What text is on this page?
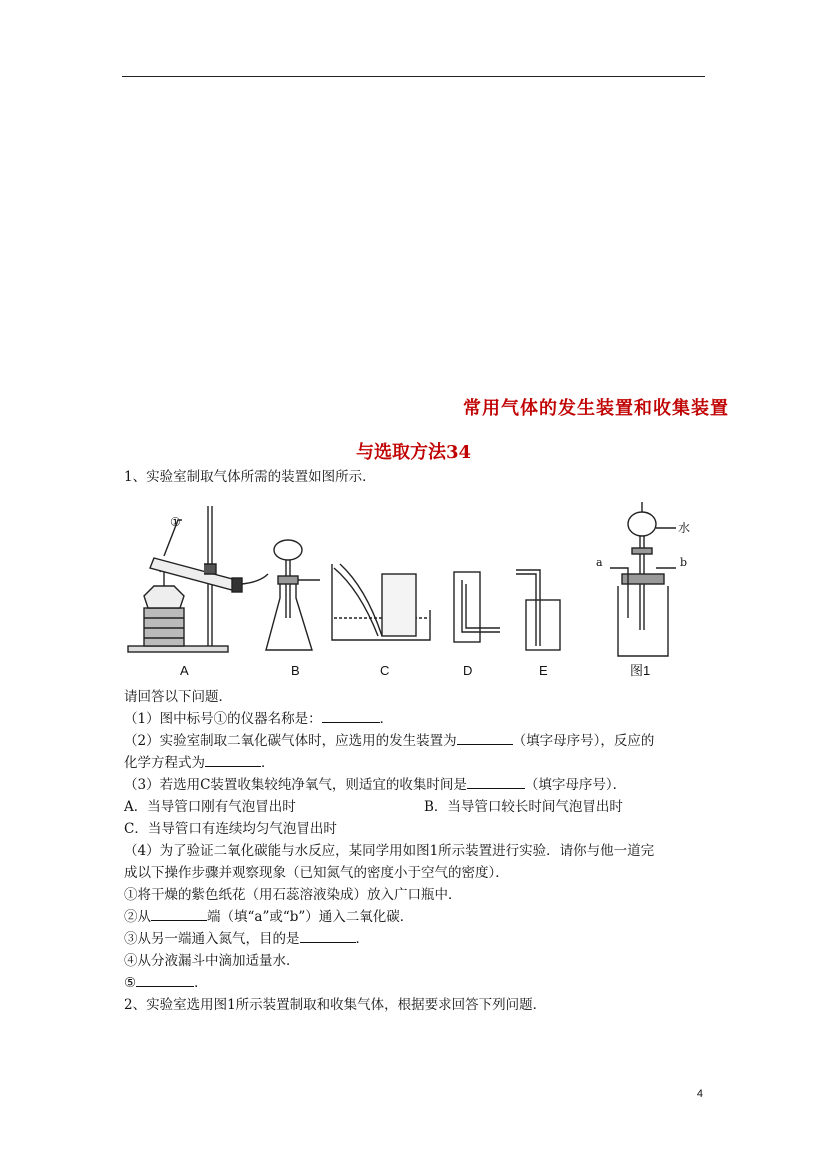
常用气体的发生装置和收集装置
与选取方法34
1、实验室制取气体所需的装置如图所示．
①	水
a	b
A	B	C	D	E	图1
请回答以下问题．
（1）图中标号①的仪器名称是：	．
（2）实验室制取二氧化碳气体时，应选用的发生装置为	（填字母序号），反应的
化学方程式为	．
（3）若选用C装置收集较纯净氧气，则适宜的收集时间是	（填字母序号）．
A．当导管口刚有气泡冒出时	B．当导管口较长时间气泡冒出时
C．当导管口有连续均匀气泡冒出时
（4）为了验证二氧化碳能与水反应，某同学用如图1所示装置进行实验．请你与他一道完
成以下操作步骤并观察现象（已知氮气的密度小于空气的密度）．
①将干燥的紫色纸花（用石蕊溶液染成）放入广口瓶中．
②从	端（填“a”或“b”）通入二氧化碳．
③从另一端通入氮气，目的是	．
④从分液漏斗中滴加适量水．
⑤	．
2、实验室选用图1所示装置制取和收集气体，根据要求回答下列问题．
4
